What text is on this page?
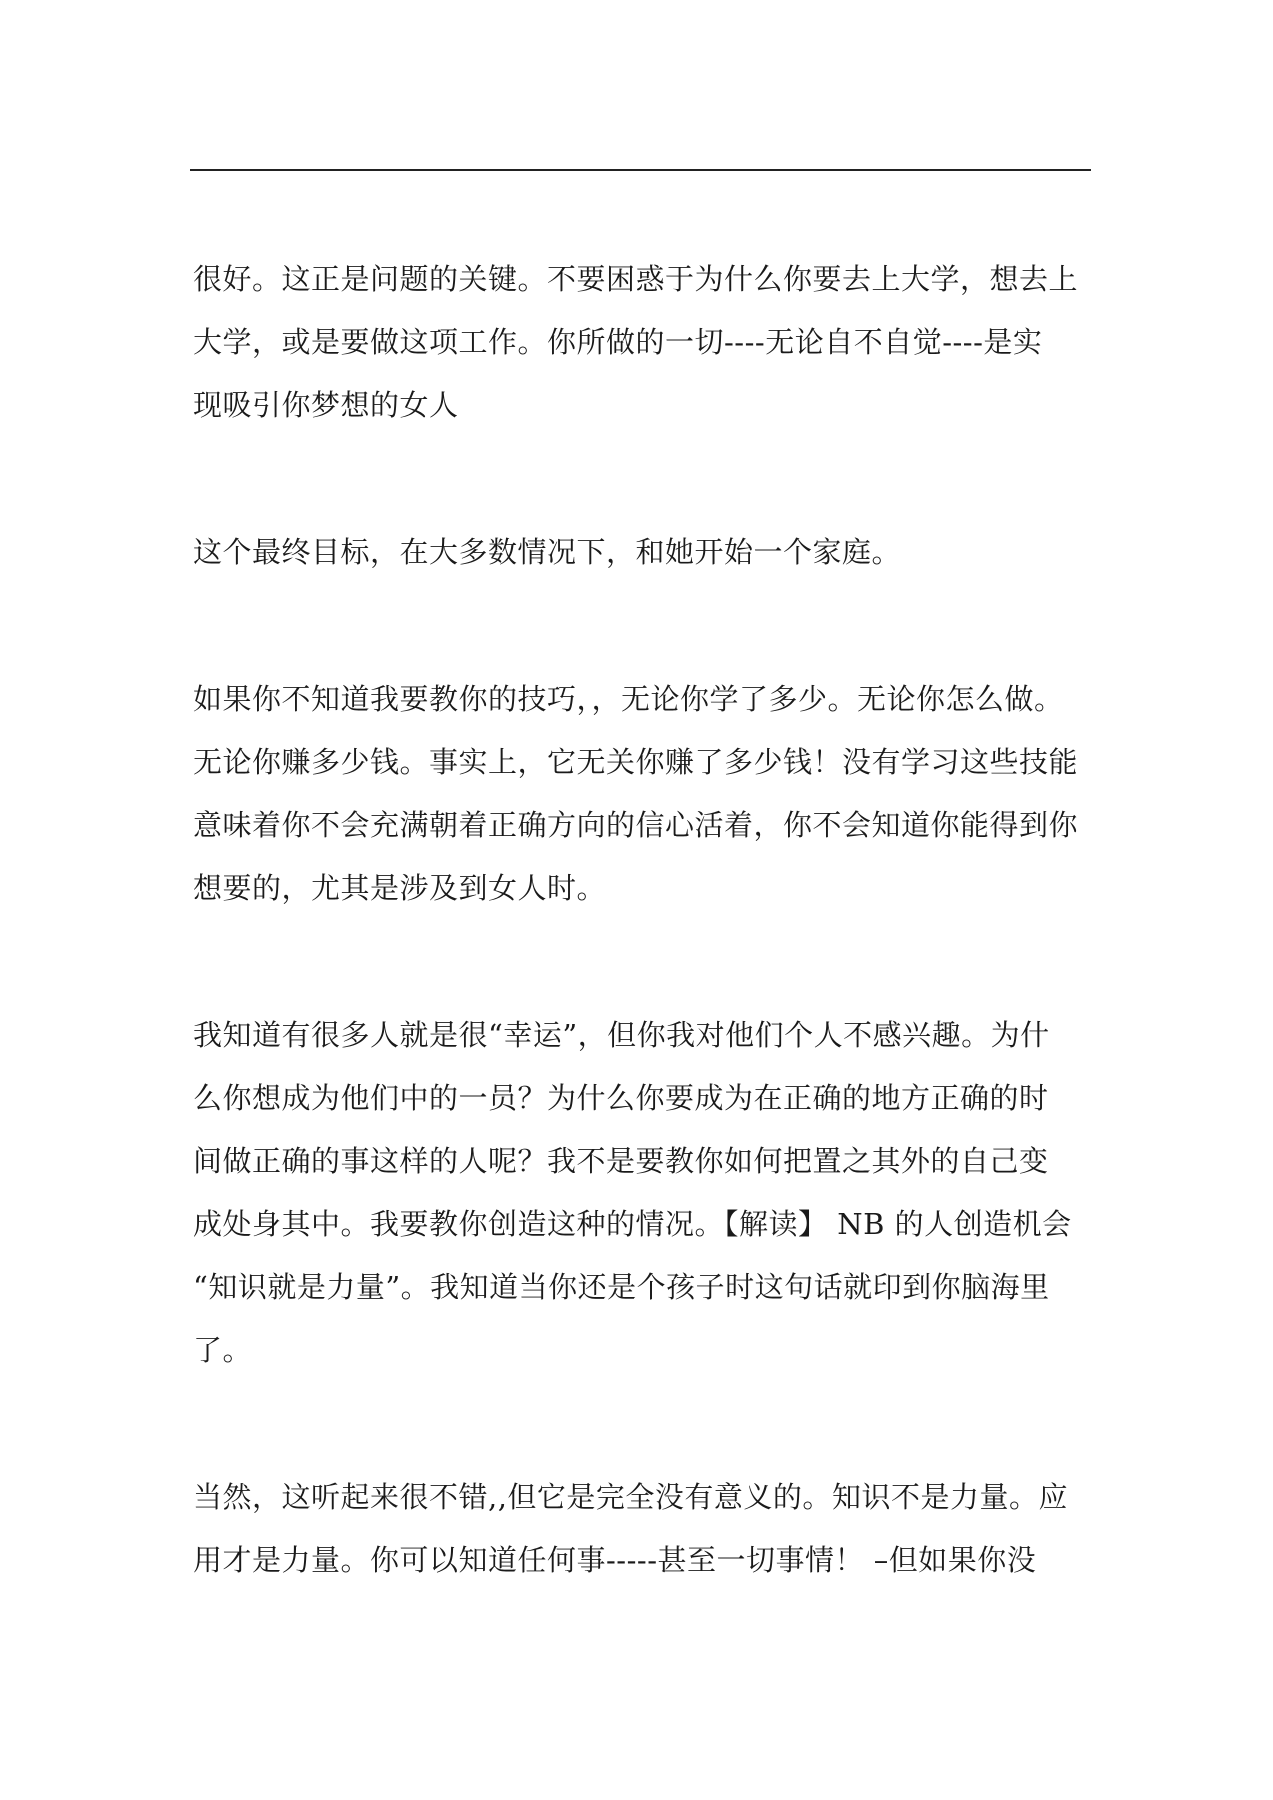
很好。这正是问题的关键。不要困惑于为什么你要去上大学，想去上
大学，或是要做这项工作。你所做的一切----无论自不自觉----是实
现吸引你梦想的女人

这个最终目标，在大多数情况下，和她开始一个家庭。

如果你不知道我要教你的技巧，，无论你学了多少。无论你怎么做。
无论你赚多少钱。事实上，它无关你赚了多少钱！没有学习这些技能
意味着你不会充满朝着正确方向的信心活着，你不会知道你能得到你
想要的，尤其是涉及到女人时。

我知道有很多人就是很“幸运”，但你我对他们个人不感兴趣。为什
么你想成为他们中的一员？为什么你要成为在正确的地方正确的时
间做正确的事这样的人呢？我不是要教你如何把置之其外的自己变
成处身其中。我要教你创造这种的情况。【解读】 NB 的人创造机会
“知识就是力量”。我知道当你还是个孩子时这句话就印到你脑海里
了。

当然，这听起来很不错,,但它是完全没有意义的。知识不是力量。应
用才是力量。你可以知道任何事-----甚至一切事情！ –但如果你没
